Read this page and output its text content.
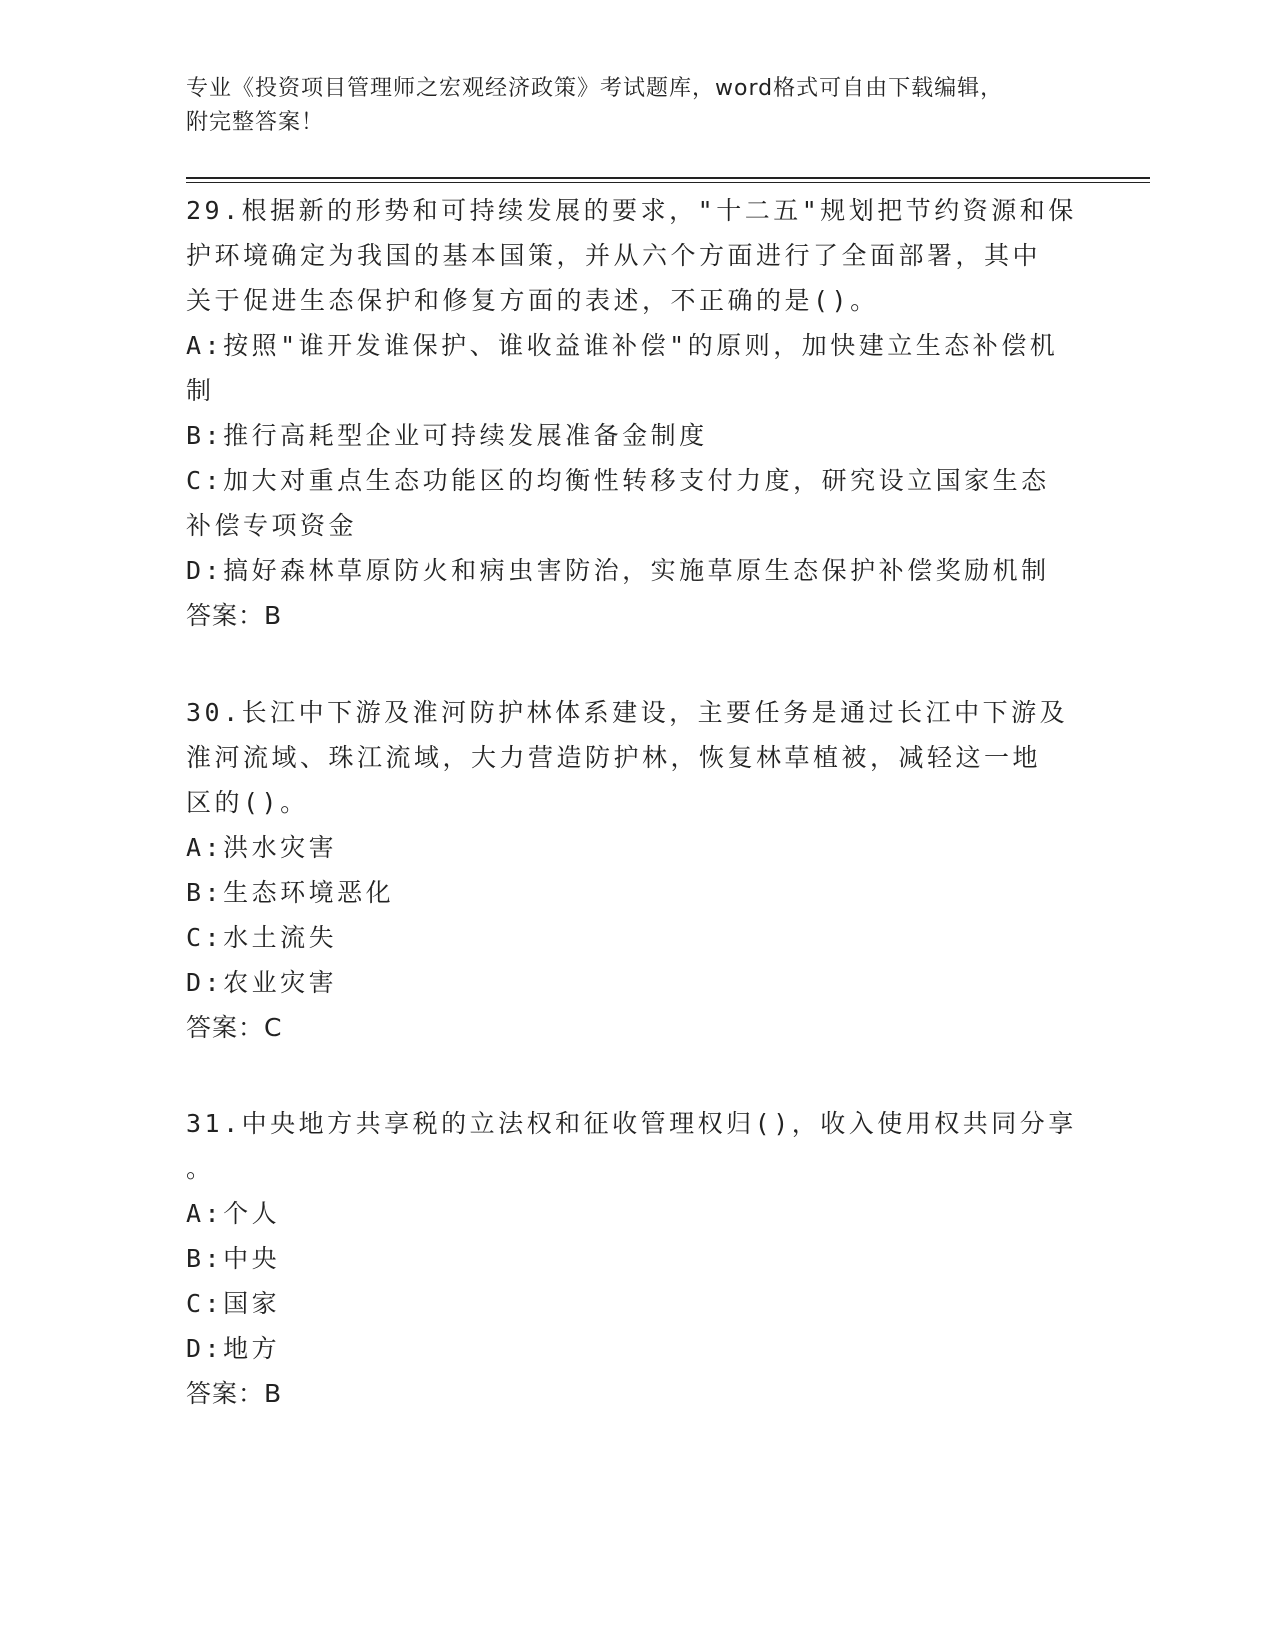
专业《投资项目管理师之宏观经济政策》考试题库，word格式可自由下载编辑，
附完整答案！
29.根据新的形势和可持续发展的要求，"十二五"规划把节约资源和保
护环境确定为我国的基本国策，并从六个方面进行了全面部署，其中
关于促进生态保护和修复方面的表述，不正确的是()。
A:按照"谁开发谁保护、谁收益谁补偿"的原则，加快建立生态补偿机
制
B:推行高耗型企业可持续发展准备金制度
C:加大对重点生态功能区的均衡性转移支付力度，研究设立国家生态
补偿专项资金
D:搞好森林草原防火和病虫害防治，实施草原生态保护补偿奖励机制
答案：B
30.长江中下游及淮河防护林体系建设，主要任务是通过长江中下游及
淮河流域、珠江流域，大力营造防护林，恢复林草植被，减轻这一地
区的()。
A:洪水灾害
B:生态环境恶化
C:水土流失
D:农业灾害
答案：C
31.中央地方共享税的立法权和征收管理权归()，收入使用权共同分享
。
A:个人
B:中央
C:国家
D:地方
答案：B
